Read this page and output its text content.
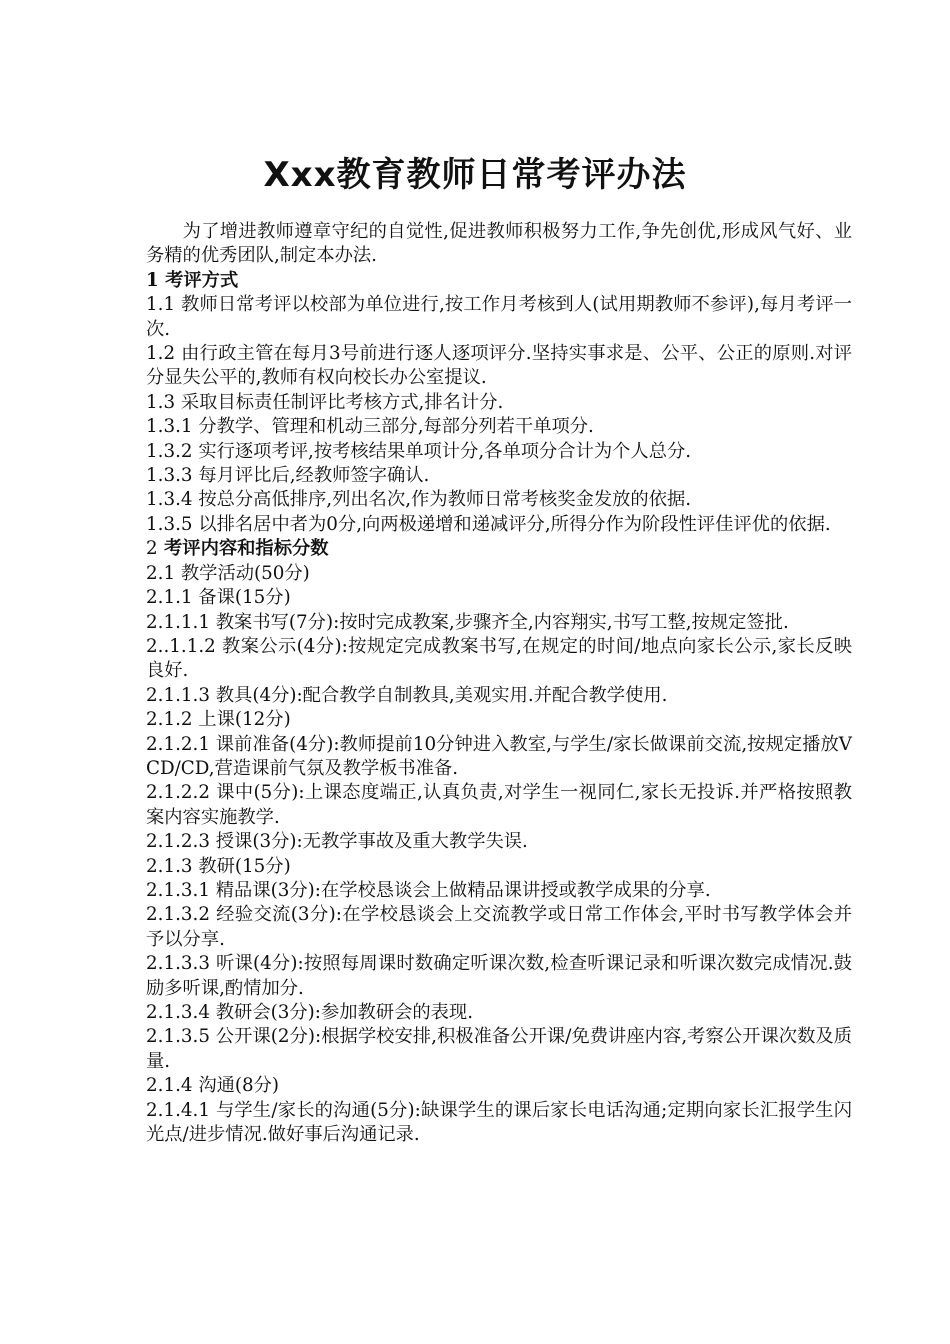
Xxx教育教师日常考评办法

为了增进教师遵章守纪的自觉性,促进教师积极努力工作,争先创优,形成风气好、业务精的优秀团队,制定本办法.

1 考评方式

1.1 教师日常考评以校部为单位进行,按工作月考核到人(试用期教师不参评),每月考评一次.

1.2 由行政主管在每月3号前进行逐人逐项评分.坚持实事求是、公平、公正的原则.对评分显失公平的,教师有权向校长办公室提议.

1.3 采取目标责任制评比考核方式,排名计分.

1.3.1 分教学、管理和机动三部分,每部分列若干单项分.

1.3.2 实行逐项考评,按考核结果单项计分,各单项分合计为个人总分.

1.3.3 每月评比后,经教师签字确认.

1.3.4 按总分高低排序,列出名次,作为教师日常考核奖金发放的依据.

1.3.5 以排名居中者为0分,向两极递增和递减评分,所得分作为阶段性评佳评优的依据.

2 考评内容和指标分数

2.1 教学活动(50分)

2.1.1 备课(15分)

2.1.1.1 教案书写(7分):按时完成教案,步骤齐全,内容翔实,书写工整,按规定签批.

2..1.1.2 教案公示(4分):按规定完成教案书写,在规定的时间/地点向家长公示,家长反映良好.

2.1.1.3 教具(4分):配合教学自制教具,美观实用.并配合教学使用.

2.1.2 上课(12分)

2.1.2.1 课前准备(4分):教师提前10分钟进入教室,与学生/家长做课前交流,按规定播放VCD/CD,营造课前气氛及教学板书准备.

2.1.2.2 课中(5分):上课态度端正,认真负责,对学生一视同仁,家长无投诉.并严格按照教案内容实施教学.

2.1.2.3 授课(3分):无教学事故及重大教学失误.

2.1.3 教研(15分)

2.1.3.1 精品课(3分):在学校恳谈会上做精品课讲授或教学成果的分享.

2.1.3.2 经验交流(3分):在学校恳谈会上交流教学或日常工作体会,平时书写教学体会并予以分享.

2.1.3.3 听课(4分):按照每周课时数确定听课次数,检查听课记录和听课次数完成情况.鼓励多听课,酌情加分.

2.1.3.4 教研会(3分):参加教研会的表现.

2.1.3.5 公开课(2分):根据学校安排,积极准备公开课/免费讲座内容,考察公开课次数及质量.

2.1.4 沟通(8分)

2.1.4.1 与学生/家长的沟通(5分):缺课学生的课后家长电话沟通;定期向家长汇报学生闪光点/进步情况.做好事后沟通记录.
